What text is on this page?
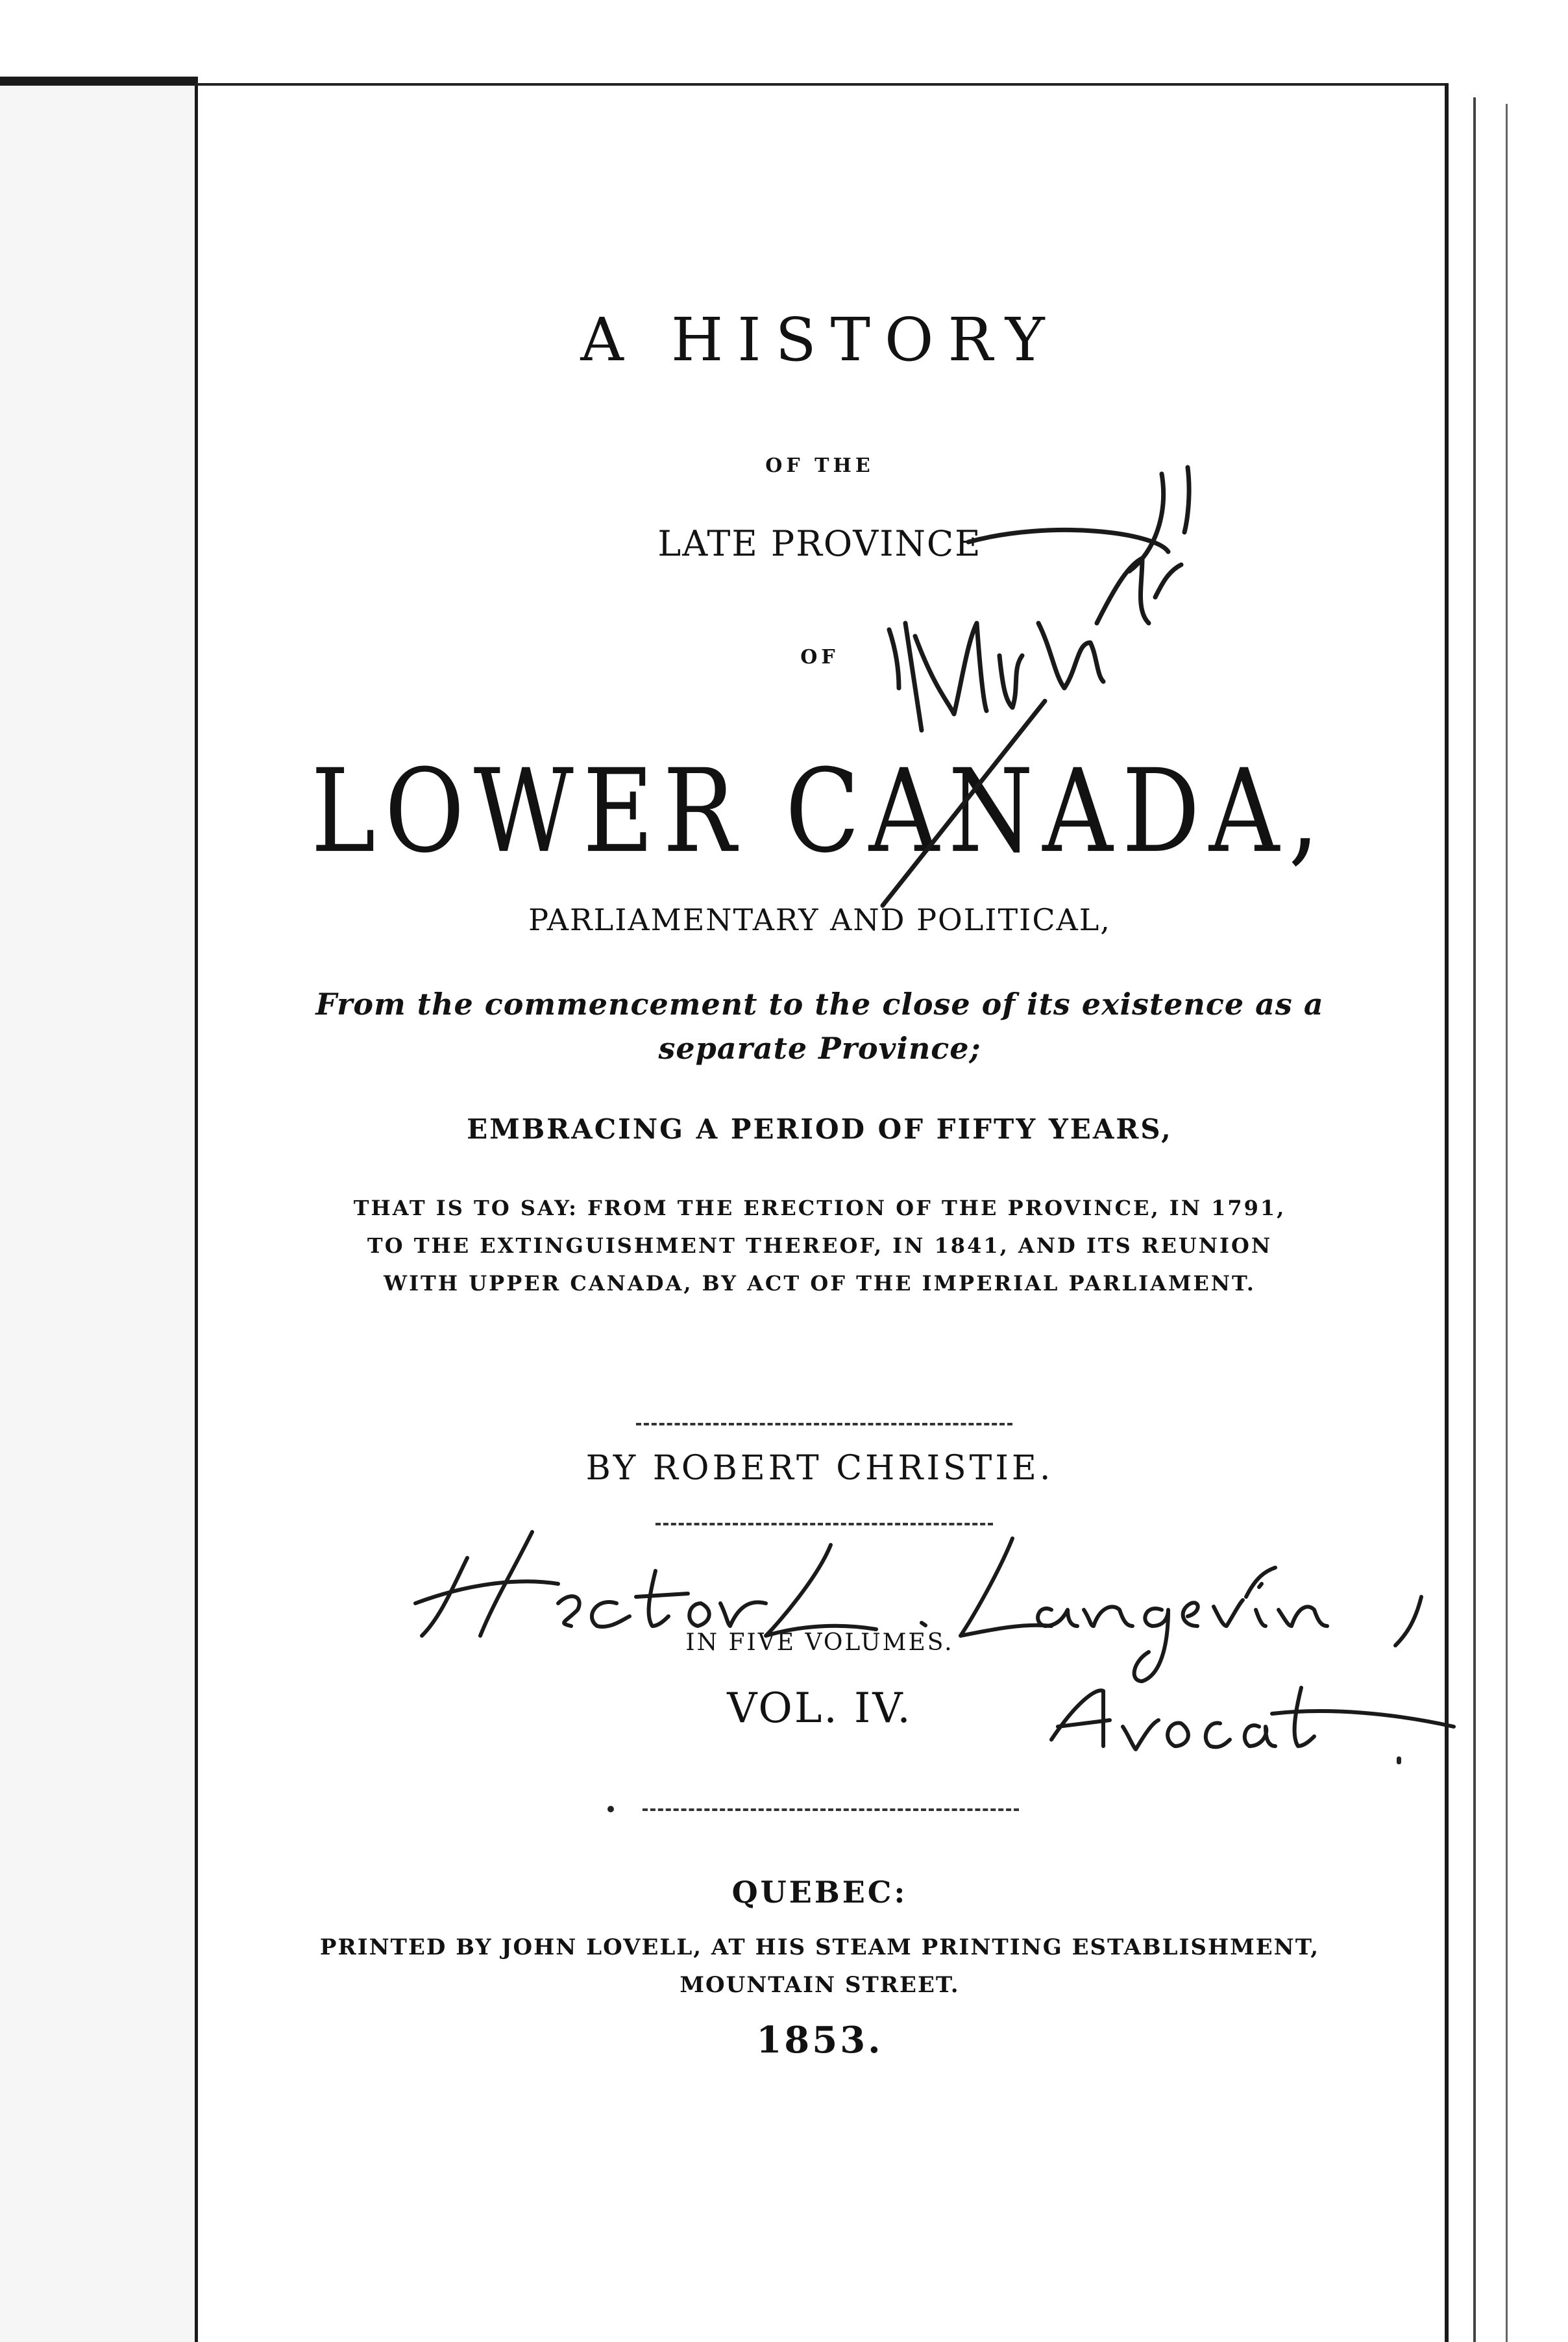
A HISTORY
OF THE
LATE PROVINCE
OF
LOWER CANADA,
PARLIAMENTARY AND POLITICAL,
From the commencement to the close of its existence as a
separate Province;
EMBRACING A PERIOD OF FIFTY YEARS,
THAT IS TO SAY: FROM THE ERECTION OF THE PROVINCE, IN 1791,
TO THE EXTINGUISHMENT THEREOF, IN 1841, AND ITS REUNION
WITH UPPER CANADA, BY ACT OF THE IMPERIAL PARLIAMENT.
BY ROBERT CHRISTIE.
IN FIVE VOLUMES.
VOL. IV.
QUEBEC:
PRINTED BY JOHN LOVELL, AT HIS STEAM PRINTING ESTABLISHMENT,
MOUNTAIN STREET.
1853.
